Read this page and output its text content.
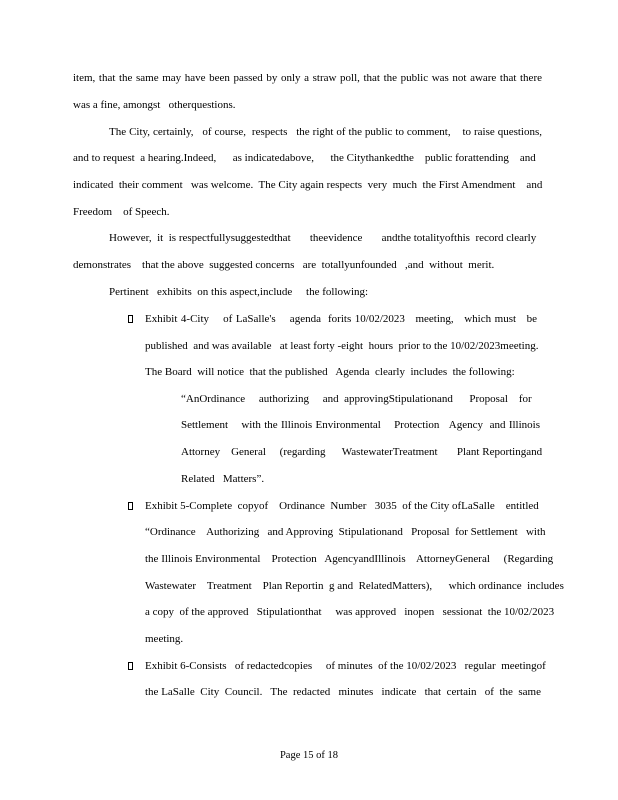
item, that the same may have been passed by only a straw poll, that the public was not aware that there
was a fine, amongst   otherquestions.
The City, certainly,   of course,  respects   the right of the public to comment,    to raise questions,
and to request  a hearing.Indeed,      as indicatedabove,      the Citythankedthe    public forattending    and
indicated  their comment   was welcome.  The City again respects  very  much  the First Amendment    and
Freedom    of Speech.
However,  it  is respectfullysuggestedthat       theevidence       andthe totalityofthis  record clearly
demonstrates    that the above  suggested concerns   are  totallyunfounded   ,and  without  merit.
Pertinent   exhibits  on this aspect,include     the following:
Exhibit 4-City    of LaSalle's    agenda  forits 10/02/2023   meeting,   which must   be
published  and was available   at least forty -eight  hours  prior to the 10/02/2023meeting.
The Board  will notice  that the published   Agenda  clearly  includes  the following:
“AnOrdinance     authorizing     and  approvingStipulationand      Proposal    for
Settlement    with the Illinois Environmental    Protection   Agency  and Illinois
Attorney    General     (regarding      WastewaterTreatment       Plant Reportingand
Related   Matters”.
Exhibit 5-Complete  copyof    Ordinance  Number   3035  of the City ofLaSalle    entitled
“Ordinance    Authorizing   and Approving  Stipulationand   Proposal  for Settlement   with
the Illinois Environmental    Protection   AgencyandIllinois    AttorneyGeneral     (Regarding
Wastewater    Treatment    Plan Reportin  g and  RelatedMatters),      which ordinance  includes
a copy  of the approved   Stipulationthat     was approved   inopen   sessionat  the 10/02/2023
meeting.
Exhibit 6-Consists   of redactedcopies     of minutes  of the 10/02/2023   regular  meetingof
the LaSalle  City  Council.   The  redacted   minutes   indicate   that  certain   of  the  same
Page 15 of 18
